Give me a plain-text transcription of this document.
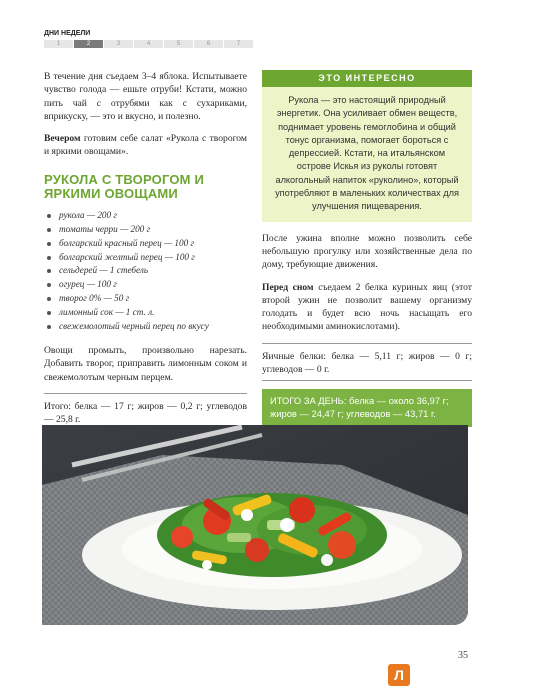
ДНИ НЕДЕЛИ
1	2	3	4	5	6	7

В течение дня съедаем 3–4 яблока. Испытываете чувство голода — ешьте отруби! Кстати, можно пить чай с отрубями как с сухариками, вприкуску, — это и вкусно, и полезно.

Вечером готовим себе салат «Рукола с творогом и яркими овощами».

РУКОЛА С ТВОРОГОМ И ЯРКИМИ ОВОЩАМИ
рукола — 200 г
томаты черри — 200 г
болгарский красный перец — 100 г
болгарский желтый перец — 100 г
сельдерей — 1 стебель
огурец — 100 г
творог 0% — 50 г
лимонный сок — 1 ст. л.
свежемолотый черный перец по вкусу

Овощи промыть, произвольно нарезать. Добавить творог, приправить лимонным соком и свежемолотым черным перцем.

Итого: белка — 17 г; жиров — 0,2 г; углеводов — 25,8 г.

ЭТО ИНТЕРЕСНО
Рукола — это настоящий природный энергетик. Она усиливает обмен веществ, поднимает уровень гемоглобина и общий тонус организма, помогает бороться с депрессией. Кстати, на итальянском острове Искья из руколы готовят алкогольный напиток «руколино», который употребляют в маленьких количествах для улучшения пищеварения.

После ужина вполне можно позволить себе небольшую прогулку или хозяйственные дела по дому, требующие движения.

Перед сном съедаем 2 белка куриных яиц (этот второй ужин не позволит вашему организму голодать и будет всю ночь насыщать его необходимыми аминокислотами).

Яичные белки: белка — 5,11 г; жиров — 0 г; углеводов — 0 г.

ИТОГО ЗА ДЕНЬ: белка — около 36,97 г; жиров — 24,47 г; углеводов — 43,71 г.
35
Л
